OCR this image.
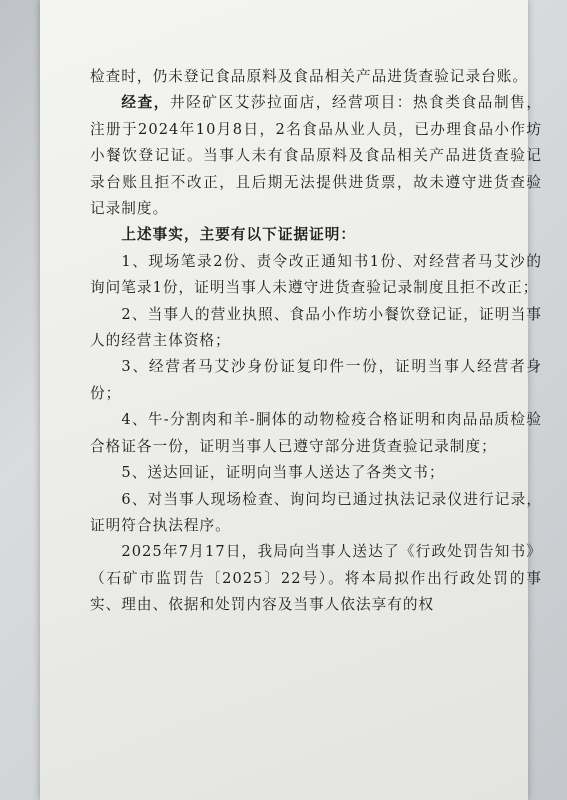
检查时，仍未登记食品原料及食品相关产品进货查验记录台账。

经查，井陉矿区艾莎拉面店，经营项目：热食类食品制售，注册于2024年10月8日，2名食品从业人员，已办理食品小作坊小餐饮登记证。当事人未有食品原料及食品相关产品进货查验记录台账且拒不改正，且后期无法提供进货票，故未遵守进货查验记录制度。

上述事实，主要有以下证据证明：

1、现场笔录2份、责令改正通知书1份、对经营者马艾沙的询问笔录1份，证明当事人未遵守进货查验记录制度且拒不改正；

2、当事人的营业执照、食品小作坊小餐饮登记证，证明当事人的经营主体资格；

3、经营者马艾沙身份证复印件一份，证明当事人经营者身份；

4、牛-分割肉和羊-胴体的动物检疫合格证明和肉品品质检验合格证各一份，证明当事人已遵守部分进货查验记录制度；

5、送达回证，证明向当事人送达了各类文书；

6、对当事人现场检查、询问均已通过执法记录仪进行记录，证明符合执法程序。

2025年7月17日，我局向当事人送达了《行政处罚告知书》（石矿市监罚告〔2025〕22号）。将本局拟作出行政处罚的事实、理由、依据和处罚内容及当事人依法享有的权
